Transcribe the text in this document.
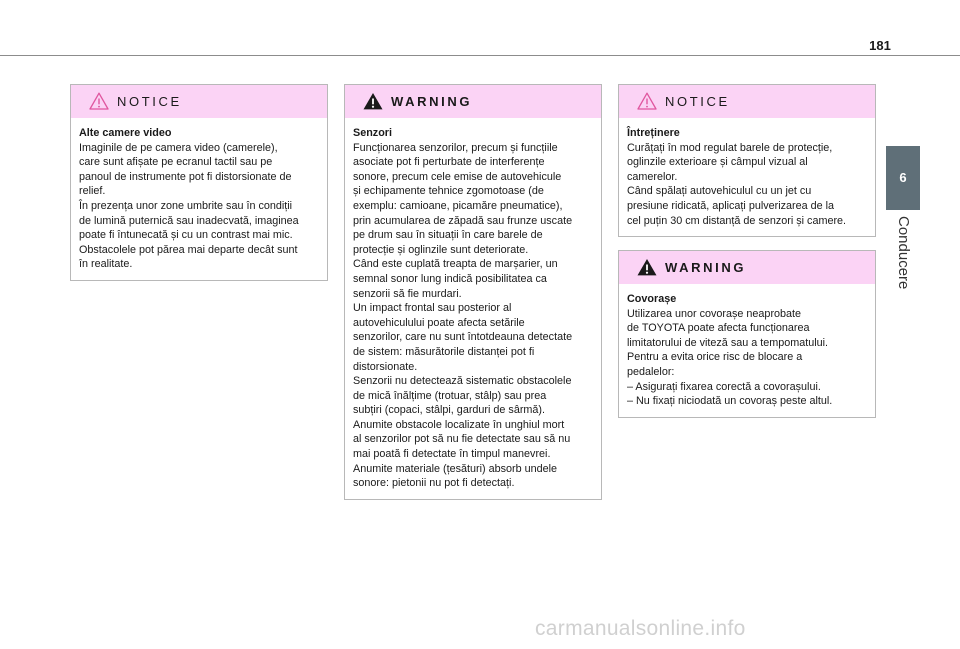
181
6
Conducere
NOTICE
Alte camere video
Imaginile de pe camera video (camerele),
care sunt afișate pe ecranul tactil sau pe
panoul de instrumente pot fi distorsionate de
relief.
În prezența unor zone umbrite sau în condiții
de lumină puternică sau inadecvată, imaginea
poate fi întunecată și cu un contrast mai mic.
Obstacolele pot părea mai departe decât sunt
în realitate.
WARNING
Senzori
Funcționarea senzorilor, precum și funcțiile
asociate pot fi perturbate de interferențe
sonore, precum cele emise de autovehicule
și echipamente tehnice zgomotoase (de
exemplu: camioane, picamăre pneumatice),
prin acumularea de zăpadă sau frunze uscate
pe drum sau în situații în care barele de
protecție și oglinzile sunt deteriorate.
Când este cuplată treapta de marșarier, un
semnal sonor lung indică posibilitatea ca
senzorii să fie murdari.
Un impact frontal sau posterior al
autovehiculului poate afecta setările
senzorilor, care nu sunt întotdeauna detectate
de sistem: măsurătorile distanței pot fi
distorsionate.
Senzorii nu detectează sistematic obstacolele
de mică înălțime (trotuar, stâlp) sau prea
subțiri (copaci, stâlpi, garduri de sârmă).
Anumite obstacole localizate în unghiul mort
al senzorilor pot să nu fie detectate sau să nu
mai poată fi detectate în timpul manevrei.
Anumite materiale (țesături) absorb undele
sonore: pietonii nu pot fi detectați.
NOTICE
Întreținere
Curățați în mod regulat barele de protecție,
oglinzile exterioare și câmpul vizual al
camerelor.
Când spălați autovehiculul cu un jet cu
presiune ridicată, aplicați pulverizarea de la
cel puțin 30 cm distanță de senzori și camere.
WARNING
Covorașe
Utilizarea unor covorașe neaprobate
de TOYOTA poate afecta funcționarea
limitatorului de viteză sau a tempomatului.
Pentru a evita orice risc de blocare a
pedalelor:
– Asigurați fixarea corectă a covorașului.
– Nu fixați niciodată un covoraș peste altul.
carmanualsonline.info
